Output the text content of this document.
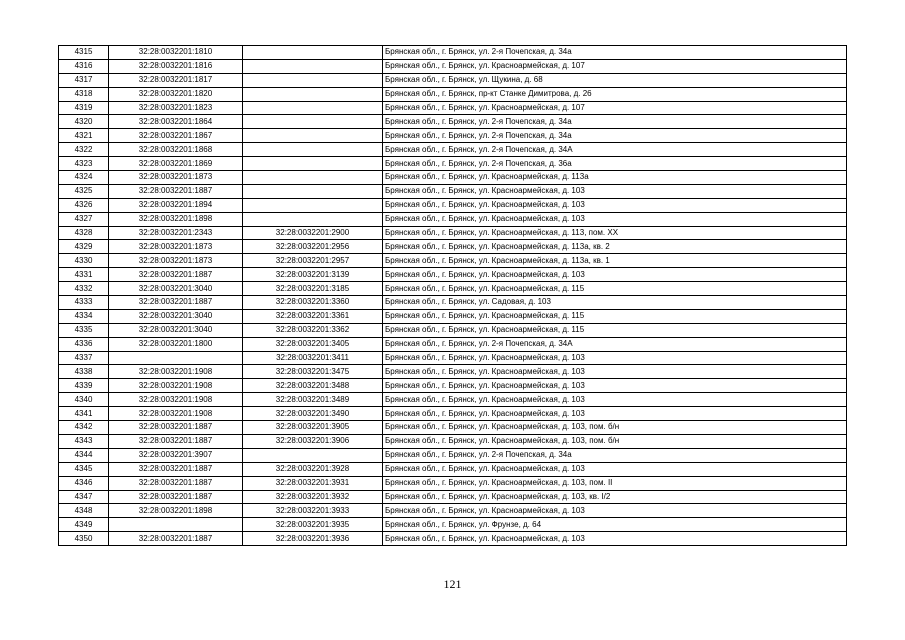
4315	32:28:0032201:1810		Брянская обл., г. Брянск, ул. 2-я Почепская, д. 34а
4316	32:28:0032201:1816		Брянская обл., г. Брянск, ул. Красноармейская, д. 107
4317	32:28:0032201:1817		Брянская обл., г. Брянск, ул. Щукина, д. 68
4318	32:28:0032201:1820		Брянская обл., г. Брянск, пр-кт Станке Димитрова, д. 26
4319	32:28:0032201:1823		Брянская обл., г. Брянск, ул. Красноармейская, д. 107
4320	32:28:0032201:1864		Брянская обл., г. Брянск, ул. 2-я Почепская, д. 34а
4321	32:28:0032201:1867		Брянская обл., г. Брянск, ул. 2-я Почепская, д. 34а
4322	32:28:0032201:1868		Брянская обл., г. Брянск, ул. 2-я Почепская, д. 34А
4323	32:28:0032201:1869		Брянская обл., г. Брянск, ул. 2-я Почепская, д. 36а
4324	32:28:0032201:1873		Брянская обл., г. Брянск, ул. Красноармейская, д. 113а
4325	32:28:0032201:1887		Брянская обл., г. Брянск, ул. Красноармейская, д. 103
4326	32:28:0032201:1894		Брянская обл., г. Брянск, ул. Красноармейская, д. 103
4327	32:28:0032201:1898		Брянская обл., г. Брянск, ул. Красноармейская, д. 103
4328	32:28:0032201:2343	32:28:0032201:2900	Брянская обл., г. Брянск, ул. Красноармейская, д. 113, пом. XX
4329	32:28:0032201:1873	32:28:0032201:2956	Брянская обл., г. Брянск, ул. Красноармейская, д. 113а, кв. 2
4330	32:28:0032201:1873	32:28:0032201:2957	Брянская обл., г. Брянск, ул. Красноармейская, д. 113а, кв. 1
4331	32:28:0032201:1887	32:28:0032201:3139	Брянская обл., г. Брянск, ул. Красноармейская, д. 103
4332	32:28:0032201:3040	32:28:0032201:3185	Брянская обл., г. Брянск, ул. Красноармейская, д. 115
4333	32:28:0032201:1887	32:28:0032201:3360	Брянская обл., г. Брянск, ул. Садовая, д. 103
4334	32:28:0032201:3040	32:28:0032201:3361	Брянская обл., г. Брянск, ул. Красноармейская, д. 115
4335	32:28:0032201:3040	32:28:0032201:3362	Брянская обл., г. Брянск, ул. Красноармейская, д. 115
4336	32:28:0032201:1800	32:28:0032201:3405	Брянская обл., г. Брянск, ул. 2-я Почепская, д. 34А
4337		32:28:0032201:3411	Брянская обл., г. Брянск, ул. Красноармейская, д. 103
4338	32:28:0032201:1908	32:28:0032201:3475	Брянская обл., г. Брянск, ул. Красноармейская, д. 103
4339	32:28:0032201:1908	32:28:0032201:3488	Брянская обл., г. Брянск, ул. Красноармейская, д. 103
4340	32:28:0032201:1908	32:28:0032201:3489	Брянская обл., г. Брянск, ул. Красноармейская, д. 103
4341	32:28:0032201:1908	32:28:0032201:3490	Брянская обл., г. Брянск, ул. Красноармейская, д. 103
4342	32:28:0032201:1887	32:28:0032201:3905	Брянская обл., г. Брянск, ул. Красноармейская, д. 103, пом. б/н
4343	32:28:0032201:1887	32:28:0032201:3906	Брянская обл., г. Брянск, ул. Красноармейская, д. 103, пом. б/н
4344	32:28:0032201:3907		Брянская обл., г. Брянск, ул. 2-я Почепская, д. 34а
4345	32:28:0032201:1887	32:28:0032201:3928	Брянская обл., г. Брянск, ул. Красноармейская, д. 103
4346	32:28:0032201:1887	32:28:0032201:3931	Брянская обл., г. Брянск, ул. Красноармейская, д. 103, пом. II
4347	32:28:0032201:1887	32:28:0032201:3932	Брянская обл., г. Брянск, ул. Красноармейская, д. 103, кв. I/2
4348	32:28:0032201:1898	32:28:0032201:3933	Брянская обл., г. Брянск, ул. Красноармейская, д. 103
4349		32:28:0032201:3935	Брянская обл., г. Брянск, ул. Фрунзе, д. 64
4350	32:28:0032201:1887	32:28:0032201:3936	Брянская обл., г. Брянск, ул. Красноармейская, д. 103
121
